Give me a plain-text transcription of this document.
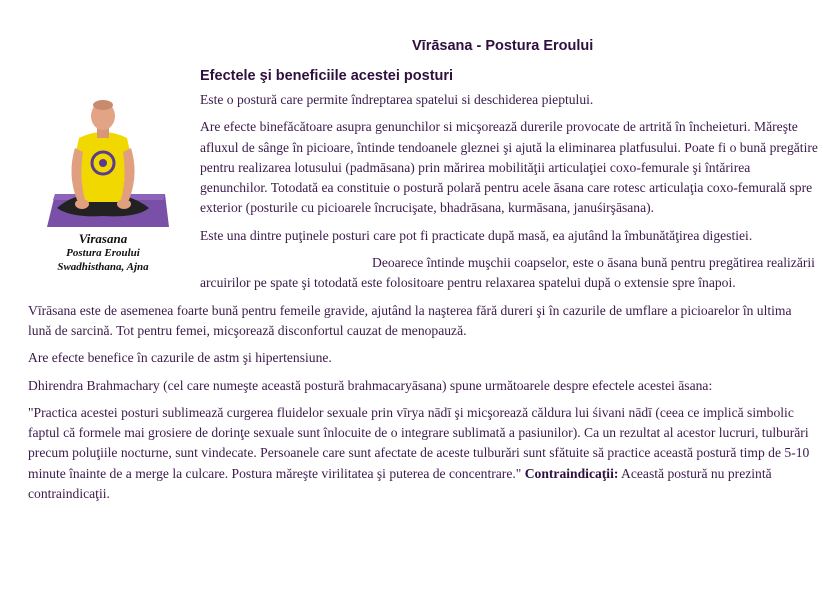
Vīrāsana - Postura Eroului
Efectele şi beneficiile acestei posturi
Virasana
Postura Eroului
Swadhisthana, Ajna

Este o postură care permite îndreptarea spatelui si deschiderea pieptului.

Are efecte binefăcătoare asupra genunchilor si micşorează durerile provocate de artrită în încheieturi. Măreşte afluxul de sânge în picioare, întinde tendoanele gleznei şi ajută la eliminarea platfusului. Poate fi o bună pregătire pentru realizarea lotusului (padmāsana) prin mărirea mobilităţii articulaţiei coxo-femurale şi întărirea genunchilor. Totodată ea constituie o postură polară pentru acele āsana care rotesc articulaţia coxo-femurală spre exterior (posturile cu picioarele încrucişate, bhadrāsana, kurmāsana, januśirşāsana).

Este una dintre puţinele posturi care pot fi practicate după masă, ea ajutând la îmbunătăţirea digestiei.

Deoarece întinde muşchii coapselor, este o āsana bună pentru pregătirea realizării arcuirilor pe spate şi totodată este folositoare pentru relaxarea spatelui după o extensie spre înapoi.

Vīrāsana este de asemenea foarte bună pentru femeile gravide, ajutând la naşterea fără dureri şi în cazurile de umflare a picioarelor în ultima lună de sarcină. Tot pentru femei, micşorează disconfortul cauzat de menopauză.

Are efecte benefice în cazurile de astm şi hipertensiune.

Dhirendra Brahmachary (cel care numeşte această postură brahmacaryāsana) spune următoarele despre efectele acestei āsana:

"Practica acestei posturi sublimează curgerea fluidelor sexuale prin vīrya nādī şi micşorează căldura lui śivani nādī (ceea ce implică simbolic faptul că formele mai grosiere de dorinţe sexuale sunt înlocuite de o integrare sublimată a pasiunilor). Ca un rezultat al acestor lucruri, tulburări precum poluţiile nocturne, sunt vindecate. Persoanele care sunt afectate de aceste tulburări sunt sfătuite să practice această postură timp de 5-10 minute înainte de a merge la culcare. Postura măreşte virilitatea şi puterea de concentrare." Contraindicaţii: Această postură nu prezintă contraindicaţii.
